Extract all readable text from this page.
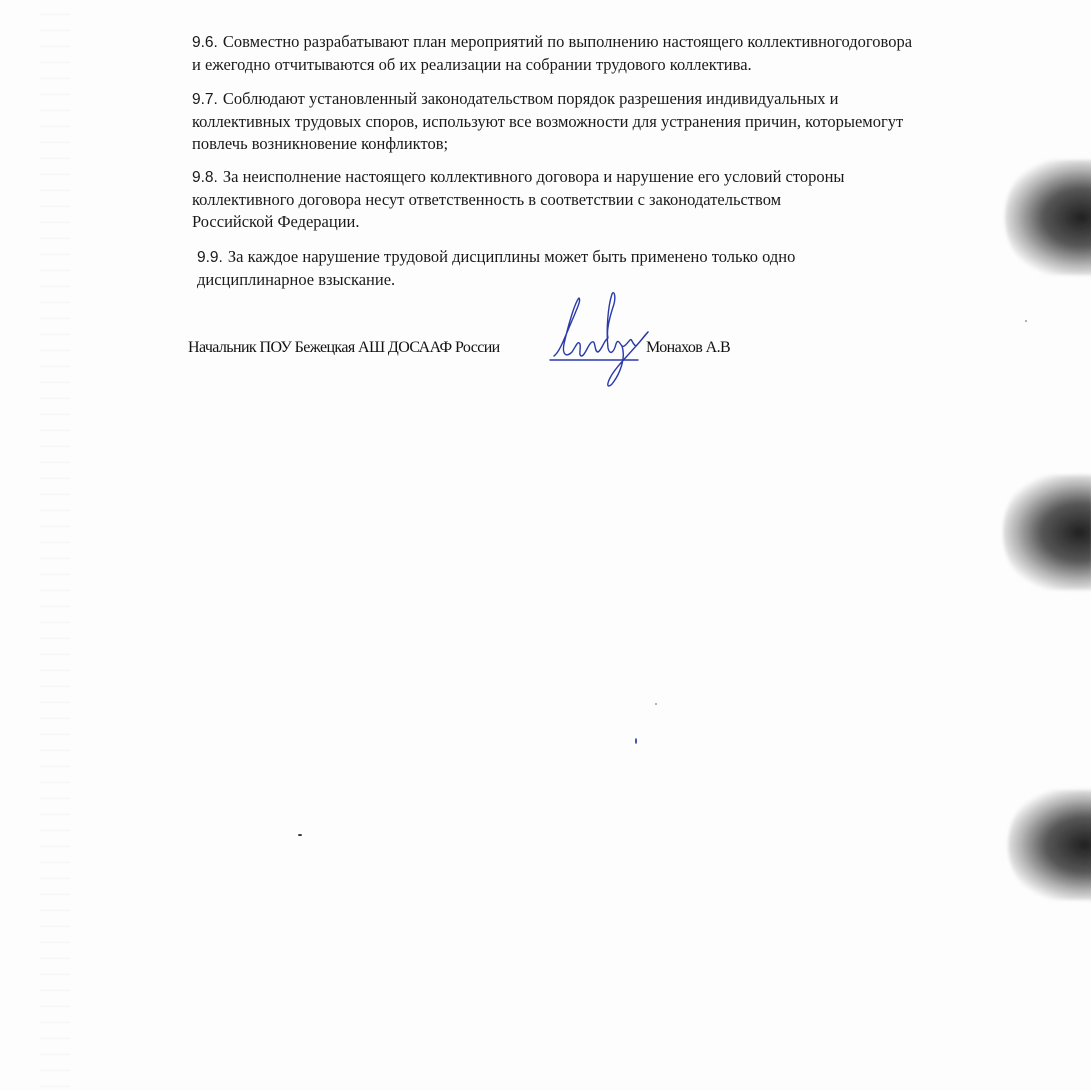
9.6. Совместно разрабатывают план мероприятий по выполнению настоящего коллективногодоговора
и ежегодно отчитываются об их реализации на собрании трудового коллектива.
9.7. Соблюдают установленный законодательством порядок разрешения индивидуальных и
коллективных трудовых споров, используют все возможности для устранения причин, которыемогут
повлечь возникновение конфликтов;
9.8. За неисполнение настоящего коллективного договора и нарушение его условий стороны
коллективного договора несут ответственность в соответствии с законодательством
Российской Федерации.
9.9. За каждое нарушение трудовой дисциплины может быть применено только одно
дисциплинарное взыскание.
Начальник ПОУ Бежецкая АШ ДОСААФ России	Монахов А.В
